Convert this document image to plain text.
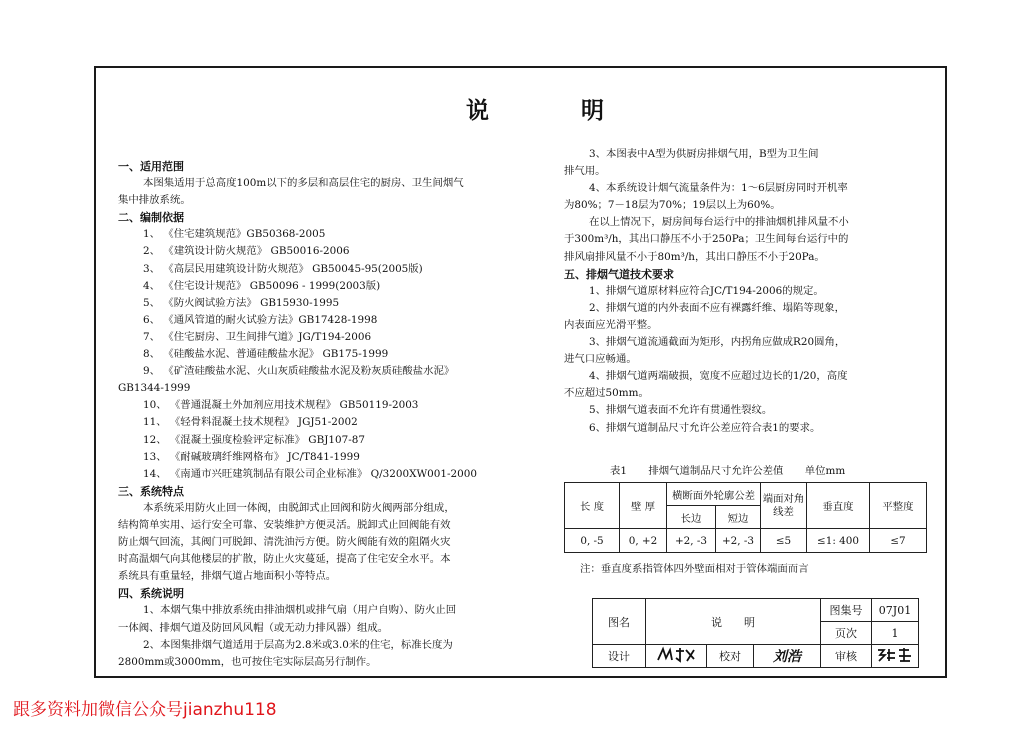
说 明
一、适用范围
本图集适用于总高度100m以下的多层和高层住宅的厨房、卫生间烟气
集中排放系统。
二、编制依据
1、 《住宅建筑规范》GB50368-2005
2、 《建筑设计防火规范》 GB50016-2006
3、 《高层民用建筑设计防火规范》 GB50045-95(2005版)
4、 《住宅设计规范》 GB50096 - 1999(2003版)
5、 《防火阀试验方法》 GB15930-1995
6、 《通风管道的耐火试验方法》GB17428-1998
7、 《住宅厨房、卫生间排气道》JG/T194-2006
8、 《硅酸盐水泥、普通硅酸盐水泥》 GB175-1999
9、 《矿渣硅酸盐水泥、火山灰质硅酸盐水泥及粉灰质硅酸盐水泥》
GB1344-1999
10、 《普通混凝土外加剂应用技术规程》 GB50119-2003
11、 《轻骨料混凝土技术规程》 JGJ51-2002
12、 《混凝土强度检验评定标准》 GBJ107-87
13、 《耐碱玻璃纤维网格布》 JC/T841-1999
14、 《南通市兴旺建筑制品有限公司企业标准》 Q/3200XW001-2000
三、系统特点
本系统采用防火止回一体阀，由脱卸式止回阀和防火阀两部分组成，
结构简单实用、运行安全可靠、安装维护方便灵活。脱卸式止回阀能有效
防止烟气回流，其阀门可脱卸、清洗油污方便。防火阀能有效的阻隔火灾
时高温烟气向其他楼层的扩散，防止火灾蔓延，提高了住宅安全水平。本
系统具有重量轻，排烟气道占地面积小等特点。
四、系统说明
1、本烟气集中排放系统由排油烟机或排气扇（用户自购）、防火止回
一体阀、排烟气道及防回风风帽（或无动力排风器）组成。
2、本图集排烟气道适用于层高为2.8米或3.0米的住宅，标准长度为
2800mm或3000mm，也可按住宅实际层高另行制作。
3、本图表中A型为供厨房排烟气用，B型为卫生间
排气用。
4、本系统设计烟气流量条件为：1～6层厨房同时开机率
为80%；7－18层为70%；19层以上为60%。
在以上情况下，厨房间每台运行中的排油烟机排风量不小
于300m³/h，其出口静压不小于250Pa；卫生间每台运行中的
排风扇排风量不小于80m³/h，其出口静压不小于20Pa。
五、排烟气道技术要求
1、排烟气道原材料应符合JC/T194-2006的规定。
2、排烟气道的内外表面不应有裸露纤维、塌陷等现象，
内表面应光滑平整。
3、排烟气道流通截面为矩形，内拐角应做成R20圆角，
进气口应畅通。
4、排烟气道两端破损，宽度不应超过边长的1/20，高度
不应超过50mm。
5、排烟气道表面不允许有贯通性裂纹。
6、排烟气道制品尺寸允许公差应符合表1的要求。
表1 排烟气道制品尺寸允许公差值 单位mm
长 度	壁 厚	横断面外轮廓公差		端面对角线差	垂直度	平整度
		长边	短边			
0, -5	0, +2	+2, -3	+2, -3	≤5	≤1: 400	≤7
注：垂直度系指管体四外壁面相对于管体端面而言
图名	说　　明			图集号	07J01
				页次	1
设计		校对	刘浩	审核	
跟多资料加微信公众号jianzhu118
